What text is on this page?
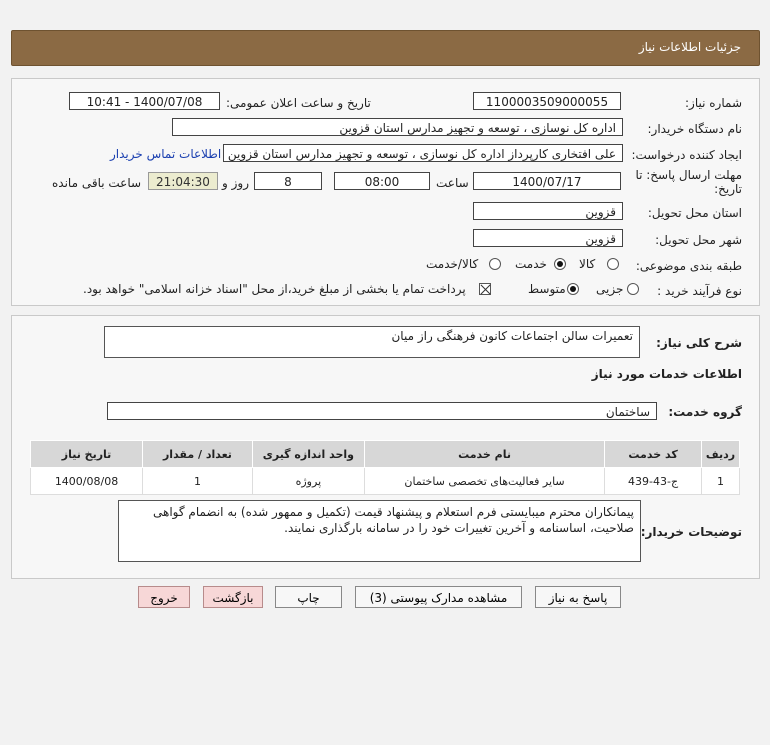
جزئیات اطلاعات نیاز
شماره نیاز:
1100003509000055
تاریخ و ساعت اعلان عمومی:
1400/07/08 - 10:41
نام دستگاه خریدار:
اداره کل نوسازی ، توسعه و تجهیز مدارس استان قزوین
ایجاد کننده درخواست:
علی افتخاری کارپرداز اداره کل نوسازی ، توسعه و تجهیز مدارس استان قزوین
اطلاعات تماس خریدار
مهلت ارسال پاسخ: تا
تاریخ:
1400/07/17
ساعت
08:00
8
روز و
21:04:30
ساعت باقی مانده
استان محل تحویل:
قزوین
شهر محل تحویل:
قزوین
طبقه بندی موضوعی:
کالا
خدمت
کالا/خدمت
نوع فرآیند خرید :
جزیی
متوسط
پرداخت تمام یا بخشی از مبلغ خرید،از محل "اسناد خزانه اسلامی" خواهد بود.
شرح کلی نیاز:
تعمیرات سالن اجتماعات کانون فرهنگی راز میان
اطلاعات خدمات مورد نیاز
گروه خدمت:
ساختمان
ردیف	کد خدمت	نام خدمت	واحد اندازه گیری	تعداد / مقدار	تاریخ نیاز
1	ج-43-439	سایر فعالیت‌های تخصصی ساختمان	پروژه	1	1400/08/08
توضیحات خریدار:
پیمانکاران محترم میبایستی فرم استعلام و پیشنهاد قیمت (تکمیل و ممهور شده) به انضمام گواهی صلاحیت، اساسنامه و آخرین تغییرات خود را در سامانه بارگذاری نمایند.
پاسخ به نیاز
مشاهده مدارک پیوستی (3)
چاپ
بازگشت
خروج
